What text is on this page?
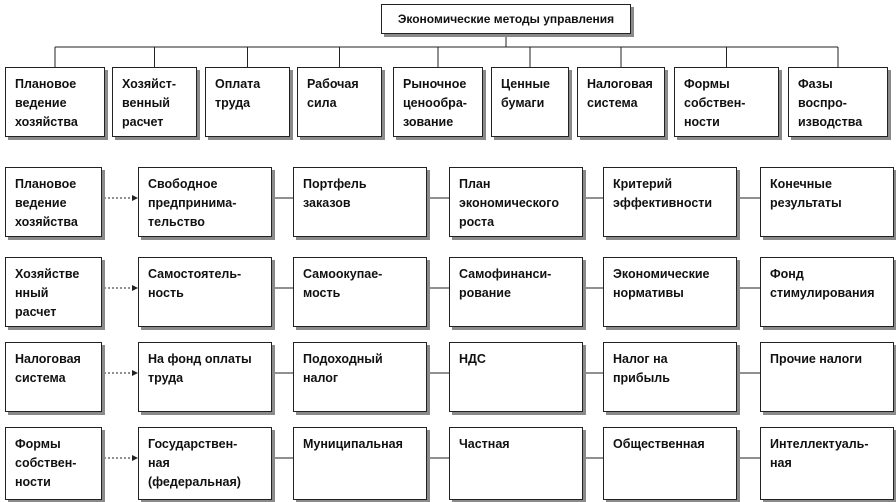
Экономические методы управления
Плановое
ведение
хозяйства
Хозяйст-
венный
расчет
Оплата
труда
Рабочая
сила
Рыночное
ценообра-
зование
Ценные
бумаги
Налоговая
система
Формы
собствен-
ности
Фазы
воспро-
изводства
Плановое
ведение
хозяйства
Свободное
предпринима-
тельство
Портфель
заказов
План
экономического
роста
Критерий
эффективности
Конечные
результаты
Хозяйстве
нный
расчет
Самостоятель-
ность
Самоокупае-
мость
Самофинанси-
рование
Экономические
нормативы
Фонд
стимулирования
Налоговая
система
На фонд оплаты
труда
Подоходный
налог
НДС	Налог на
прибыль
Прочие налоги
Формы
собствен-
ности
Государствен-
ная
(федеральная)
Муниципальная	Частная	Общественная	Интеллектуаль-
ная
